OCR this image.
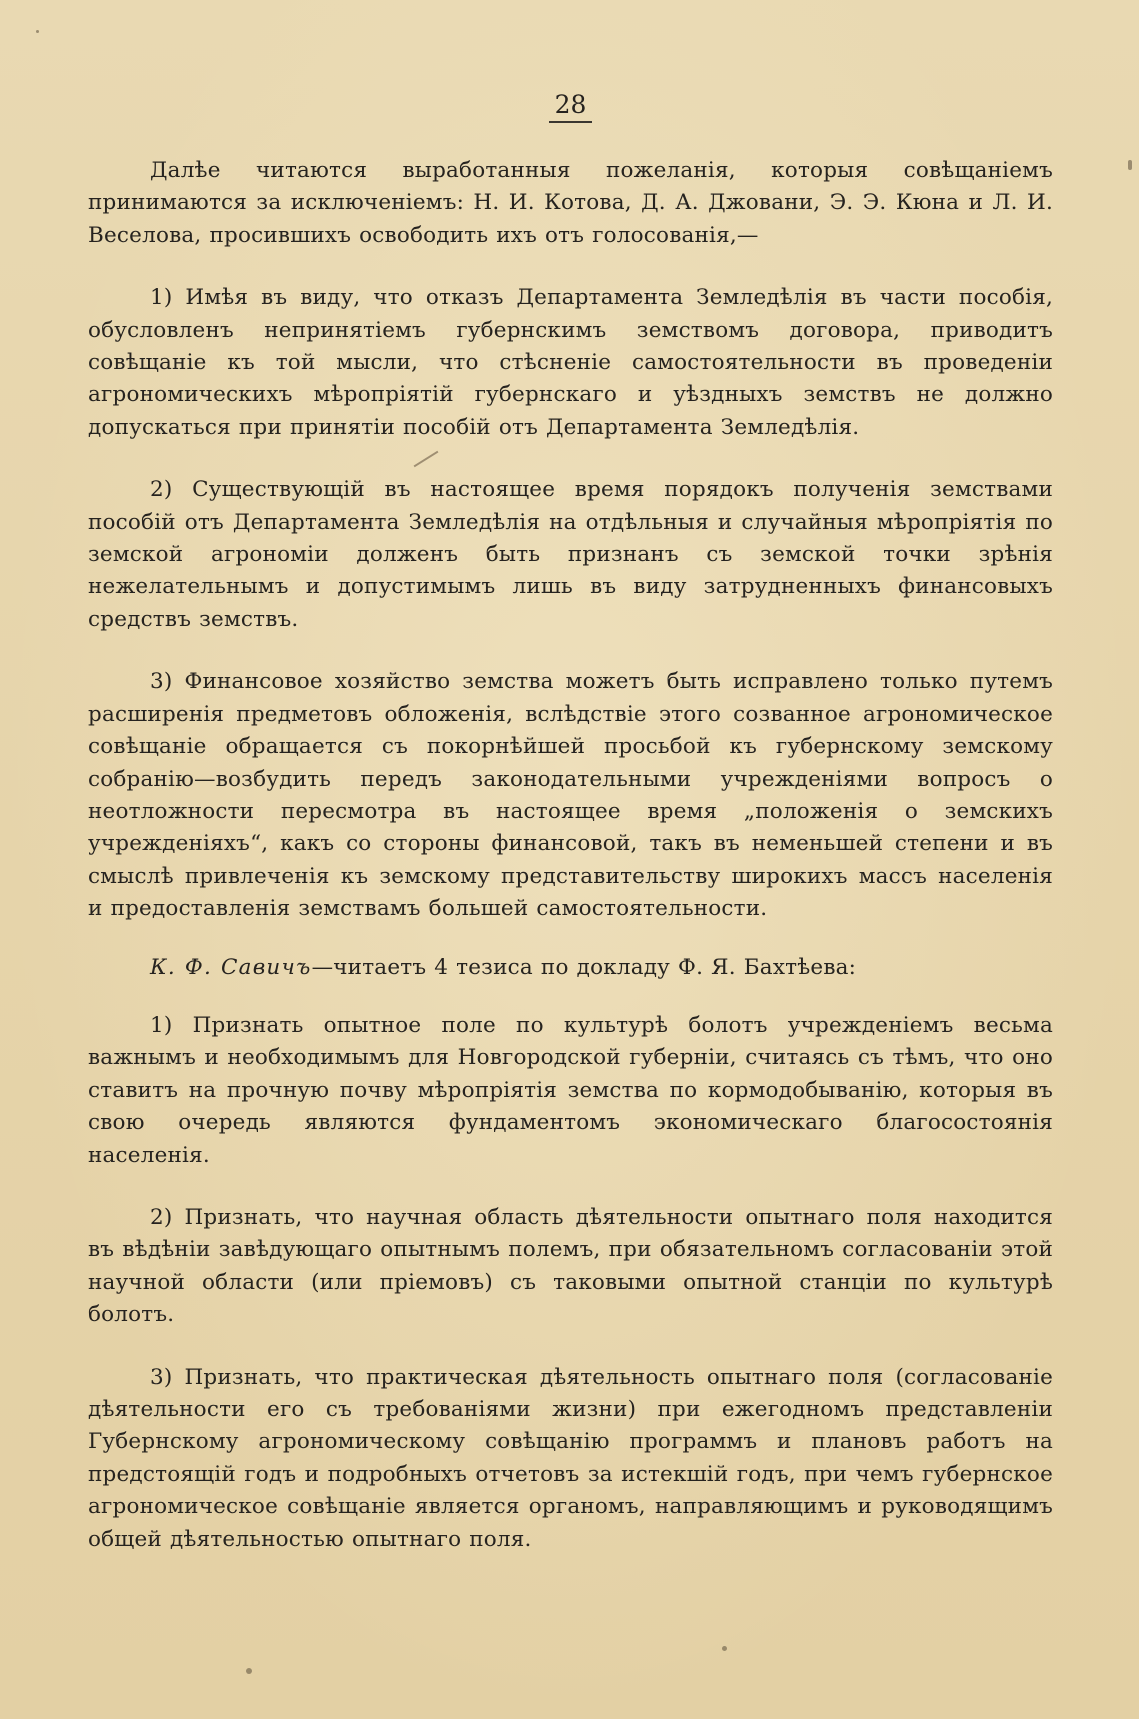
28

Далѣе читаются выработанныя пожеланія, которыя совѣщаніемъ принимаются за исключеніемъ: Н. И. Котова, Д. А. Джовани, Э. Э. Кюна и Л. И. Веселова, просившихъ освободить ихъ отъ голосованія,—

1) Имѣя въ виду, что отказъ Департамента Земледѣлія въ части пособія, обусловленъ непринятіемъ губернскимъ земствомъ договора, приводитъ совѣщаніе къ той мысли, что стѣсненіе самостоятельности въ проведеніи агрономическихъ мѣропріятій губернскаго и уѣздныхъ земствъ не должно допускаться при принятіи пособій отъ Департамента Земледѣлія.

2) Существующій въ настоящее время порядокъ полученія земствами пособій отъ Департамента Земледѣлія на отдѣльныя и случайныя мѣропріятія по земской агрономіи долженъ быть признанъ съ земской точки зрѣнія нежелательнымъ и допустимымъ лишь въ виду затрудненныхъ финансовыхъ средствъ земствъ.

3) Финансовое хозяйство земства можетъ быть исправлено только путемъ расширенія предметовъ обложенія, вслѣдствіе этого созванное агрономическое совѣщаніе обращается съ покорнѣйшей просьбой къ губернскому земскому собранію—возбудить передъ законодательными учрежденіями вопросъ о неотложности пересмотра въ настоящее время „положенія о земскихъ учрежденіяхъ“, какъ со стороны финансовой, такъ въ неменьшей степени и въ смыслѣ привлеченія къ земскому представительству широкихъ массъ населенія и предоставленія земствамъ большей самостоятельности.

К. Ф. Савичъ—читаетъ 4 тезиса по докладу Ф. Я. Бахтѣева:

1) Признать опытное поле по культурѣ болотъ учрежденіемъ весьма важнымъ и необходимымъ для Новгородской губерніи, считаясь съ тѣмъ, что оно ставитъ на прочную почву мѣропріятія земства по кормодобыванію, которыя въ свою очередь являются фундаментомъ экономическаго благосостоянія населенія.

2) Признать, что научная область дѣятельности опытнаго поля находится въ вѣдѣніи завѣдующаго опытнымъ полемъ, при обязательномъ согласованіи этой научной области (или пріемовъ) съ таковыми опытной станціи по культурѣ болотъ.

3) Признать, что практическая дѣятельность опытнаго поля (согласованіе дѣятельности его съ требованіями жизни) при ежегодномъ представленіи Губернскому агрономическому совѣщанію программъ и плановъ работъ на предстоящій годъ и подробныхъ отчетовъ за истекшій годъ, при чемъ губернское агрономическое совѣщаніе является органомъ, направляющимъ и руководящимъ общей дѣятельностью опытнаго поля.
